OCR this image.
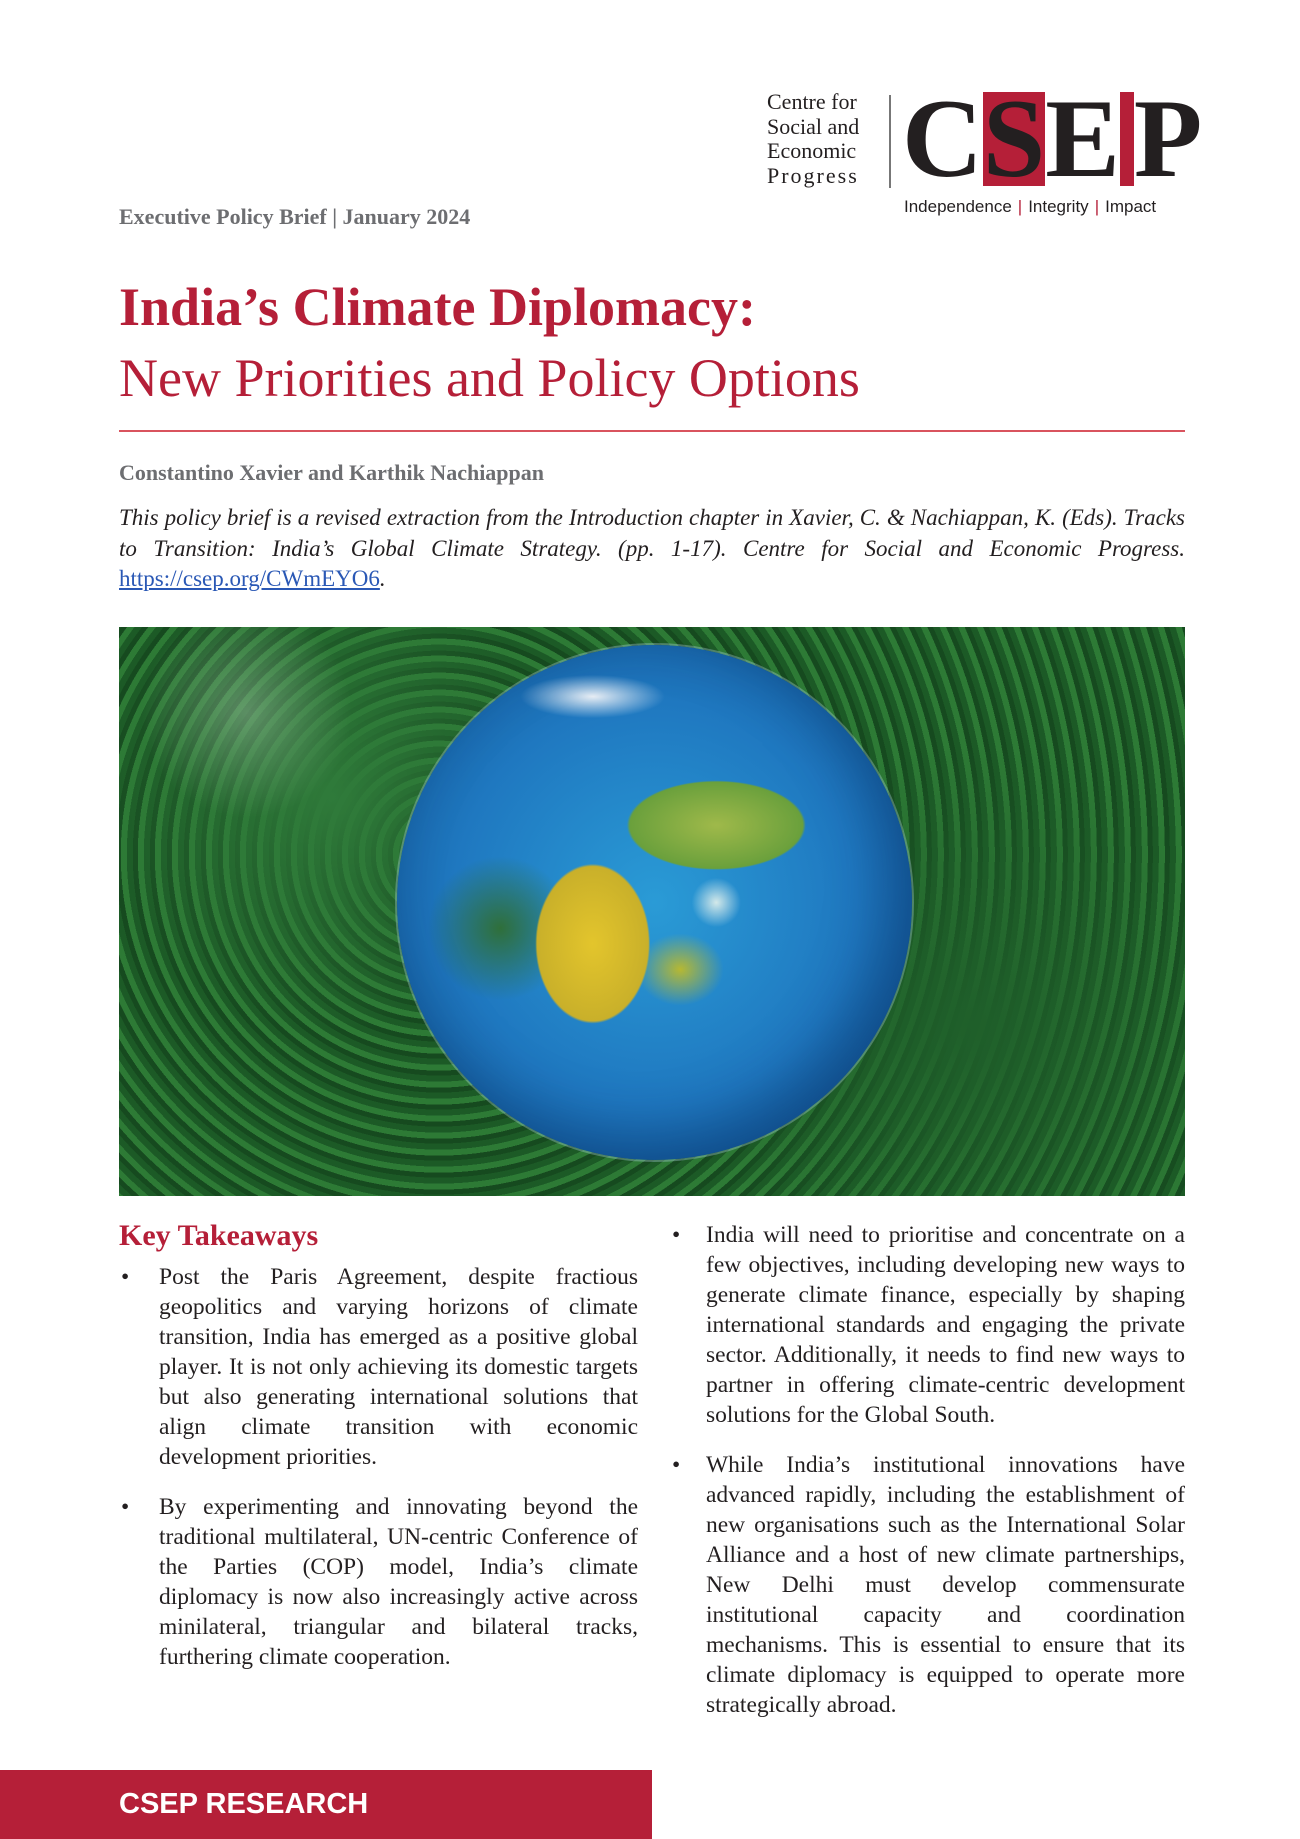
Centre for
Social and
Economic
Progress C S E P
Independence | Integrity | Impact
Executive Policy Brief | January 2024
India’s Climate Diplomacy:
New Priorities and Policy Options
Constantino Xavier and Karthik Nachiappan
This policy brief is a revised extraction from the Introduction chapter in Xavier, C. & Nachiappan, K. (Eds). Tracks to Transition: India’s Global Climate Strategy. (pp. 1-17). Centre for Social and Economic Progress. https://csep.org/CWmEYO6.
Key Takeaways
• Post the Paris Agreement, despite fractious geopolitics and varying horizons of climate transition, India has emerged as a positive global player. It is not only achieving its domestic targets but also generating international solutions that align climate transition with economic development priorities.
• By experimenting and innovating beyond the traditional multilateral, UN-centric Conference of the Parties (COP) model, India’s climate diplomacy is now also increasingly active across minilateral, triangular and bilateral tracks, furthering climate cooperation.
• India will need to prioritise and concentrate on a few objectives, including developing new ways to generate climate finance, especially by shaping international standards and engaging the private sector. Additionally, it needs to find new ways to partner in offering climate-centric development solutions for the Global South.
• While India’s institutional innovations have advanced rapidly, including the establishment of new organisations such as the International Solar Alliance and a host of new climate partnerships, New Delhi must develop commensurate institutional capacity and coordination mechanisms. This is essential to ensure that its climate diplomacy is equipped to operate more strategically abroad.
CSEP RESEARCH
